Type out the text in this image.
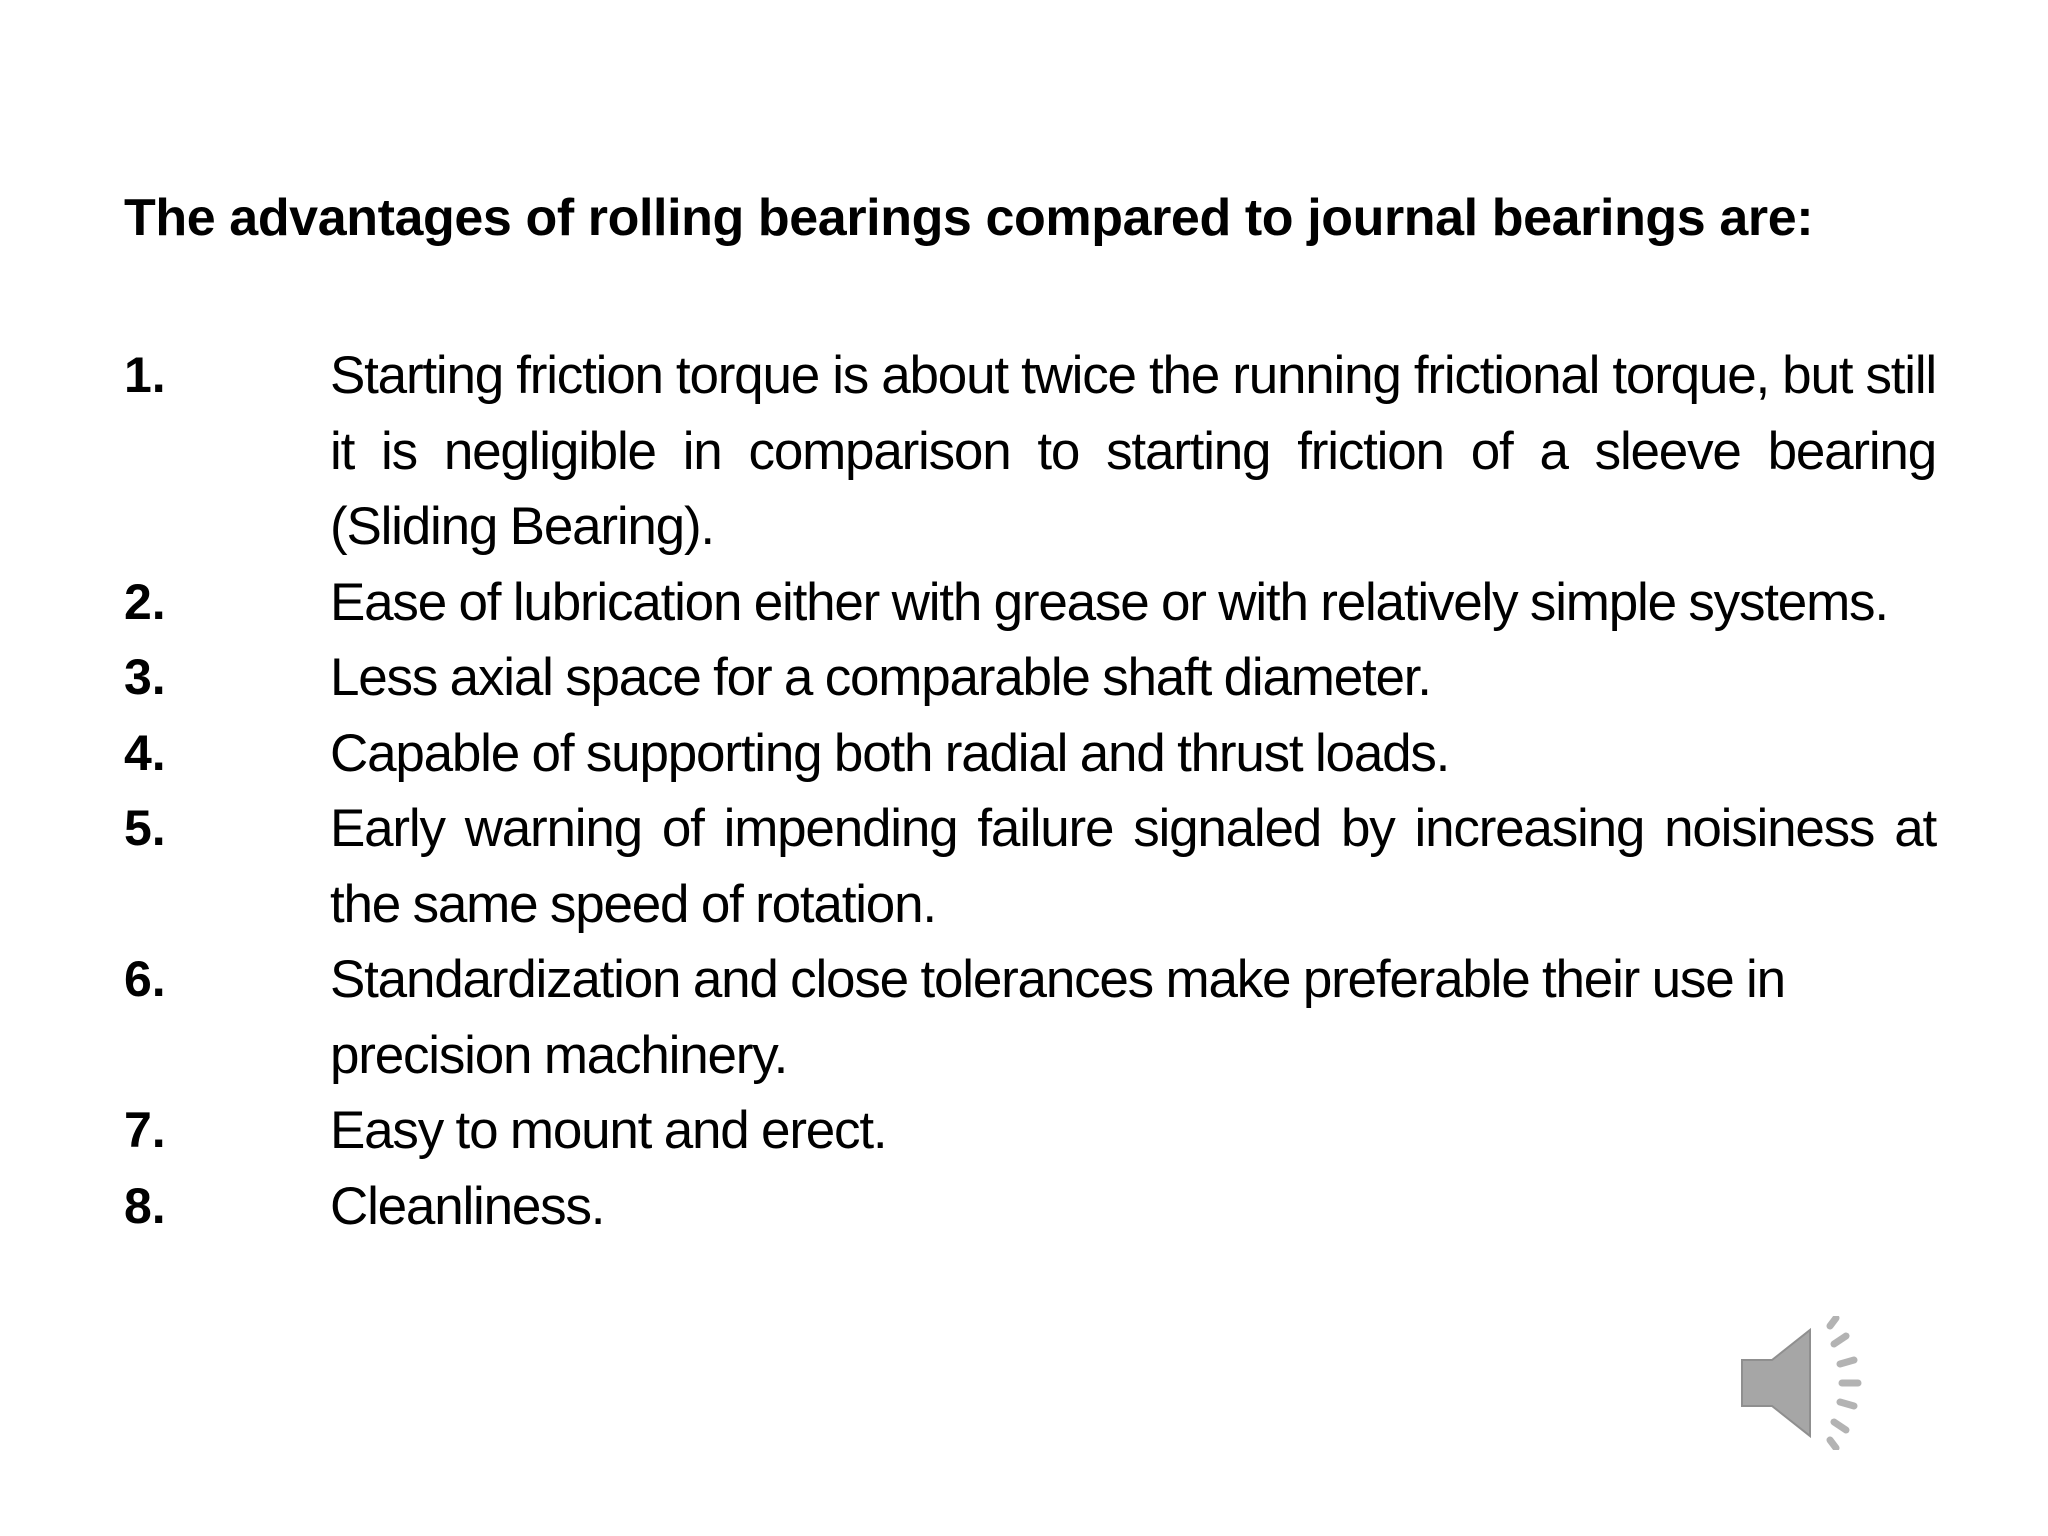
The advantages of rolling bearings compared to journal bearings are:
1.	Starting friction torque is about twice the running frictional torque, but still it is negligible in comparison to starting friction of a sleeve bearing (Sliding Bearing).
2.	Ease of lubrication either with grease or with relatively simple systems.
3.	Less axial space for a comparable shaft diameter.
4.	Capable of supporting both radial and thrust loads.
5.	Early warning of impending failure signaled by increasing noisiness at the same speed of rotation.
6.	Standardization and close tolerances make preferable their use in precision machinery.
7.	Easy to mount and erect.
8.	Cleanliness.
